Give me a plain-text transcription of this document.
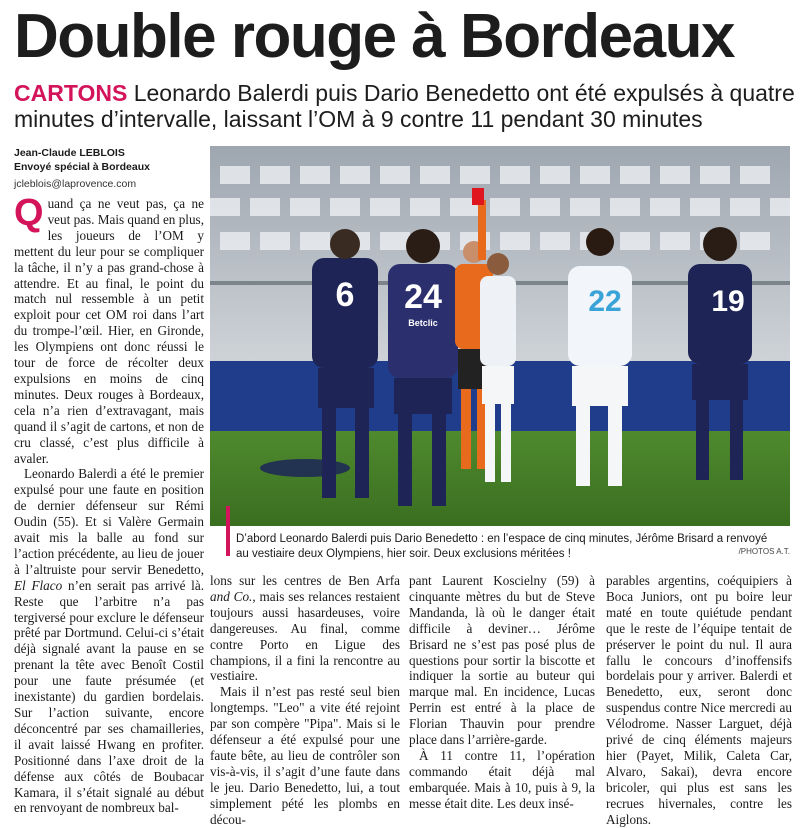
Double rouge à Bordeaux
CARTONS Leonardo Balerdi puis Dario Benedetto ont été expulsés à quatre minutes d’intervalle, laissant l’OM à 9 contre 11 pendant 30 minutes
Jean-Claude LEBLOIS
Envoyé spécial à Bordeaux
jcleblois@laprovence.com
6 24
Betclic
22	19
D’abord Leonardo Balerdi puis Dario Benedetto : en l’espace de cinq minutes, Jérôme Brisard a renvoyé au vestiaire deux Olympiens, hier soir. Deux exclusions méritées !	/PHOTOS A.T.

Quand ça ne veut pas, ça ne veut pas. Mais quand en plus, les joueurs de l’OM y mettent du leur pour se compliquer la tâche, il n’y a pas grand-chose à attendre. Et au final, le point du match nul ressemble à un petit exploit pour cet OM roi dans l’art du trompe-l’œil. Hier, en Gironde, les Olympiens ont donc réussi le tour de force de récolter deux expulsions en moins de cinq minutes. Deux rouges à Bordeaux, cela n’a rien d’extravagant, mais quand il s’agit de cartons, et non de cru classé, c’est plus difficile à avaler.

Leonardo Balerdi a été le premier expulsé pour une faute en position de dernier défenseur sur Rémi Oudin (55). Et si Valère Germain avait mis la balle au fond sur l’action précédente, au lieu de jouer à l’altruiste pour servir Benedetto, El Flaco n’en serait pas arrivé là. Reste que l’arbitre n’a pas tergiversé pour exclure le défenseur prêté par Dortmund. Celui-ci s’était déjà signalé avant la pause en se prenant la tête avec Benoît Costil pour une faute présumée (et inexistante) du gardien bordelais. Sur l’action suivante, encore déconcentré par ses chamailleries, il avait laissé Hwang en profiter. Positionné dans l’axe droit de la défense aux côtés de Boubacar Kamara, il s’était signalé au début en renvoyant de nombreux bal-

lons sur les centres de Ben Arfa and Co., mais ses relances restaient toujours aussi hasardeuses, voire dangereuses. Au final, comme contre Porto en Ligue des champions, il a fini la rencontre au vestiaire.

Mais il n’est pas resté seul bien longtemps. "Leo" a vite été rejoint par son compère "Pipa". Mais si le défenseur a été expulsé pour une faute bête, au lieu de contrôler son vis-à-vis, il s’agit d’une faute dans le jeu. Dario Benedetto, lui, a tout simplement pété les plombs en décou-

pant Laurent Koscielny (59) à cinquante mètres du but de Steve Mandanda, là où le danger était difficile à deviner… Jérôme Brisard ne s’est pas posé plus de questions pour sortir la biscotte et indiquer la sortie au buteur qui marque mal. En incidence, Lucas Perrin est entré à la place de Florian Thauvin pour prendre place dans l’arrière-garde.

À 11 contre 11, l’opération commando était déjà mal embarquée. Mais à 10, puis à 9, la messe était dite. Les deux insé-

parables argentins, coéquipiers à Boca Juniors, ont pu boire leur maté en toute quiétude pendant que le reste de l’équipe tentait de préserver le point du nul. Il aura fallu le concours d’inoffensifs bordelais pour y arriver. Balerdi et Benedetto, eux, seront donc suspendus contre Nice mercredi au Vélodrome. Nasser Larguet, déjà privé de cinq éléments majeurs hier (Payet, Milik, Caleta Car, Alvaro, Sakai), devra encore bricoler, qui plus est sans les recrues hivernales, contre les Aiglons.
